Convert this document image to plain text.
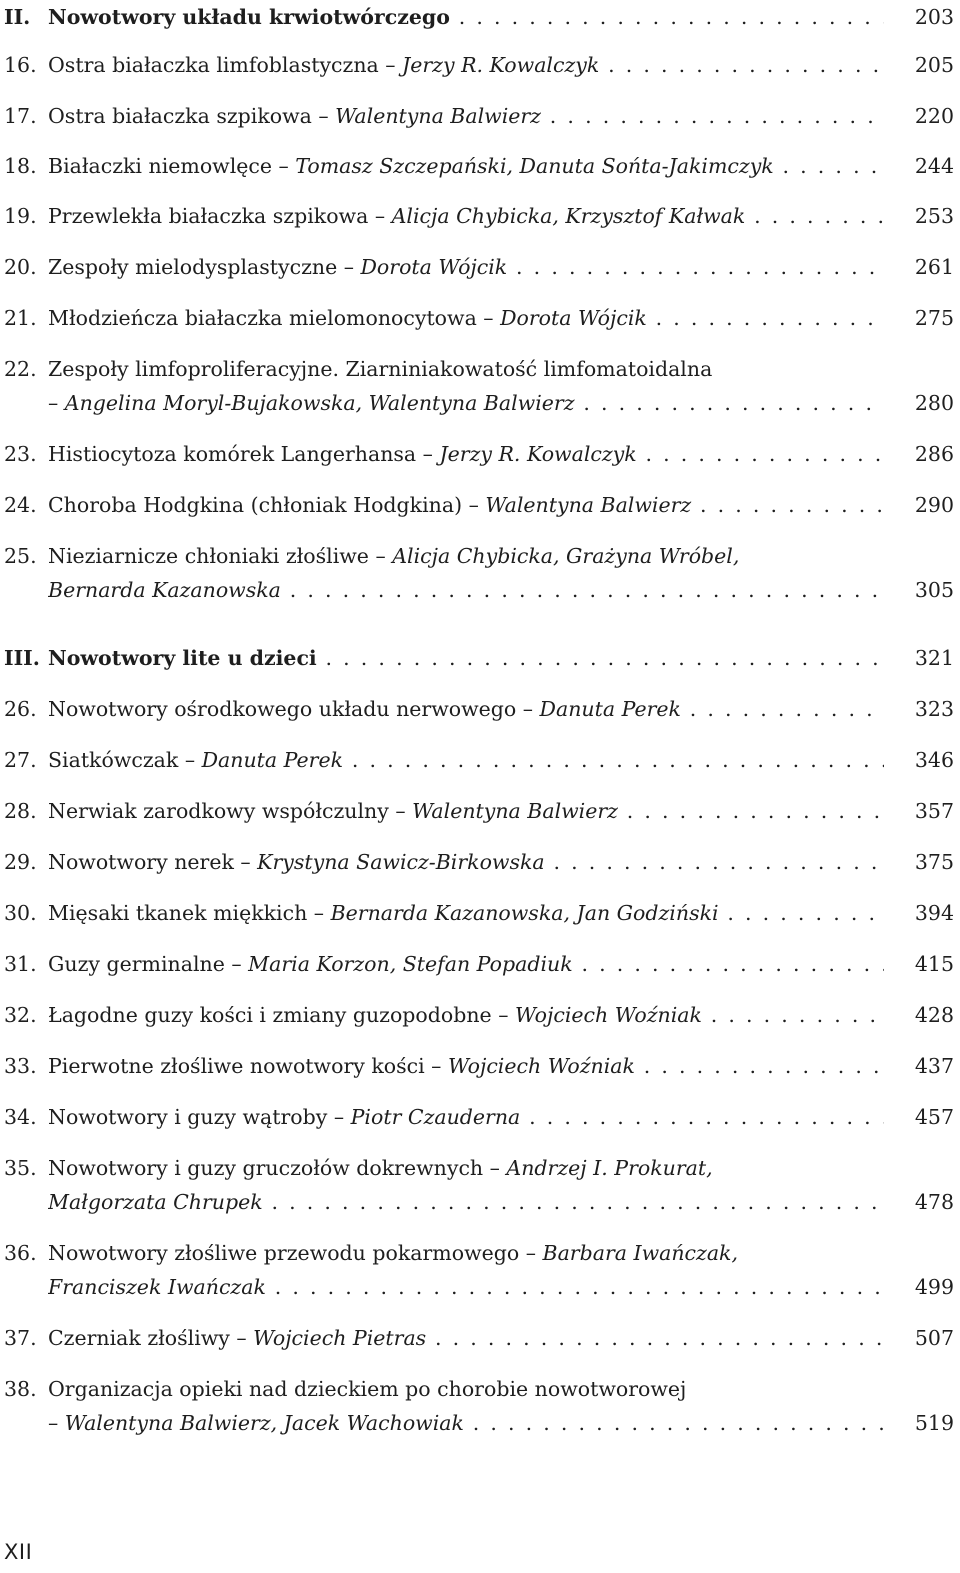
II. Nowotwory układu krwiotwórczego . . .	203
16. Ostra białaczka limfoblastyczna – Jerzy R. Kowalczyk . . .	205
17. Ostra białaczka szpikowa – Walentyna Balwierz . . .	220
18. Białaczki niemowlęce – Tomasz Szczepański, Danuta Sońta-Jakimczyk . . .	244
19. Przewlekła białaczka szpikowa – Alicja Chybicka, Krzysztof Kałwak . . .	253
20. Zespoły mielodysplastyczne – Dorota Wójcik . . .	261
21. Młodzieńcza białaczka mielomonocytowa – Dorota Wójcik . . .	275
22. Zespoły limfoproliferacyjne. Ziarniniakowatość limfomatoidalna
– Angelina Moryl-Bujakowska, Walentyna Balwierz . . .	280
23. Histiocytoza komórek Langerhansa – Jerzy R. Kowalczyk . . .	286
24. Choroba Hodgkina (chłoniak Hodgkina) – Walentyna Balwierz . . .	290
25. Nieziarnicze chłoniaki złośliwe – Alicja Chybicka, Grażyna Wróbel,
Bernarda Kazanowska . . .	305
III. Nowotwory lite u dzieci . . .	321
26. Nowotwory ośrodkowego układu nerwowego – Danuta Perek . . .	323
27. Siatkówczak – Danuta Perek . . .	346
28. Nerwiak zarodkowy współczulny – Walentyna Balwierz . . .	357
29. Nowotwory nerek – Krystyna Sawicz-Birkowska . . .	375
30. Mięsaki tkanek miękkich – Bernarda Kazanowska, Jan Godziński . . .	394
31. Guzy germinalne – Maria Korzon, Stefan Popadiuk . . .	415
32. Łagodne guzy kości i zmiany guzopodobne – Wojciech Woźniak . . .	428
33. Pierwotne złośliwe nowotwory kości – Wojciech Woźniak . . .	437
34. Nowotwory i guzy wątroby – Piotr Czauderna . . .	457
35. Nowotwory i guzy gruczołów dokrewnych – Andrzej I. Prokurat,
Małgorzata Chrupek . . .	478
36. Nowotwory złośliwe przewodu pokarmowego – Barbara Iwańczak,
Franciszek Iwańczak . . .	499
37. Czerniak złośliwy – Wojciech Pietras . . .	507
38. Organizacja opieki nad dzieckiem po chorobie nowotworowej
– Walentyna Balwierz, Jacek Wachowiak . . .	519
XII
